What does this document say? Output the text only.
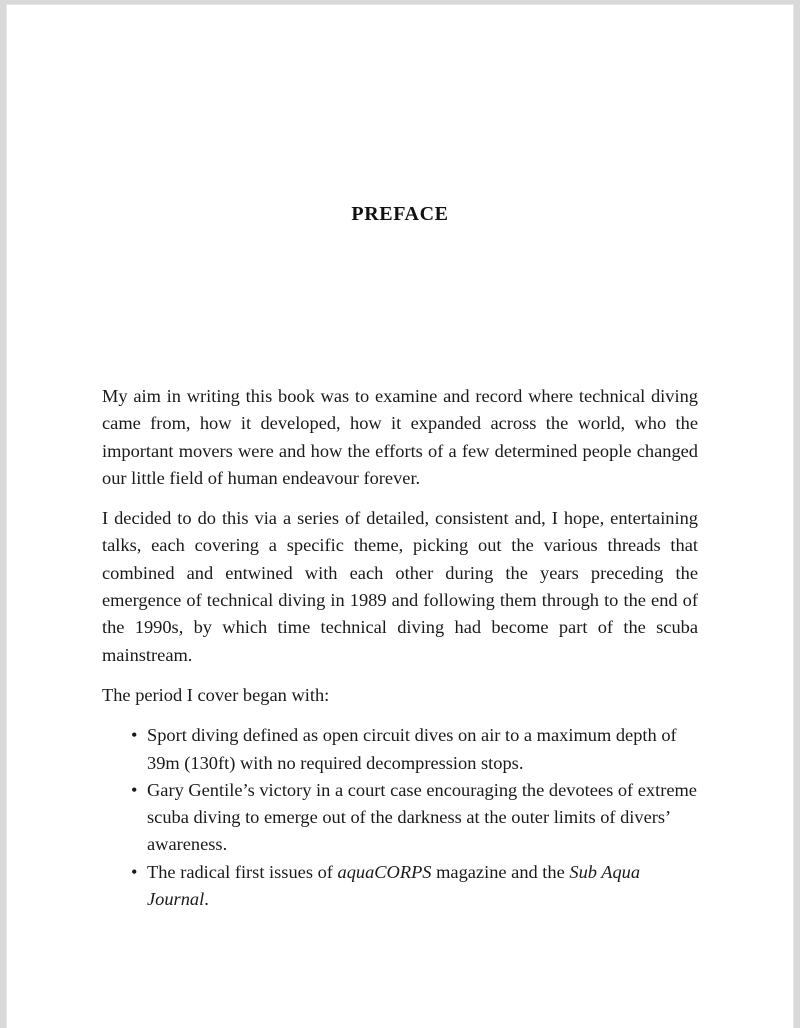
PREFACE

My aim in writing this book was to examine and record where technical diving came from, how it developed, how it expanded across the world, who the important movers were and how the efforts of a few determined people changed our little field of human endeavour forever.

I decided to do this via a series of detailed, consistent and, I hope, entertaining talks, each covering a specific theme, picking out the various threads that combined and entwined with each other during the years preceding the emergence of technical diving in 1989 and following them through to the end of the 1990s, by which time technical diving had become part of the scuba mainstream.

The period I cover began with:

• Sport diving defined as open circuit dives on air to a maximum depth of 39m (130ft) with no required decompression stops.
• Gary Gentile’s victory in a court case encouraging the devotees of extreme scuba diving to emerge out of the darkness at the outer limits of divers’ awareness.
• The radical first issues of aquaCORPS magazine and the Sub Aqua Journal.
